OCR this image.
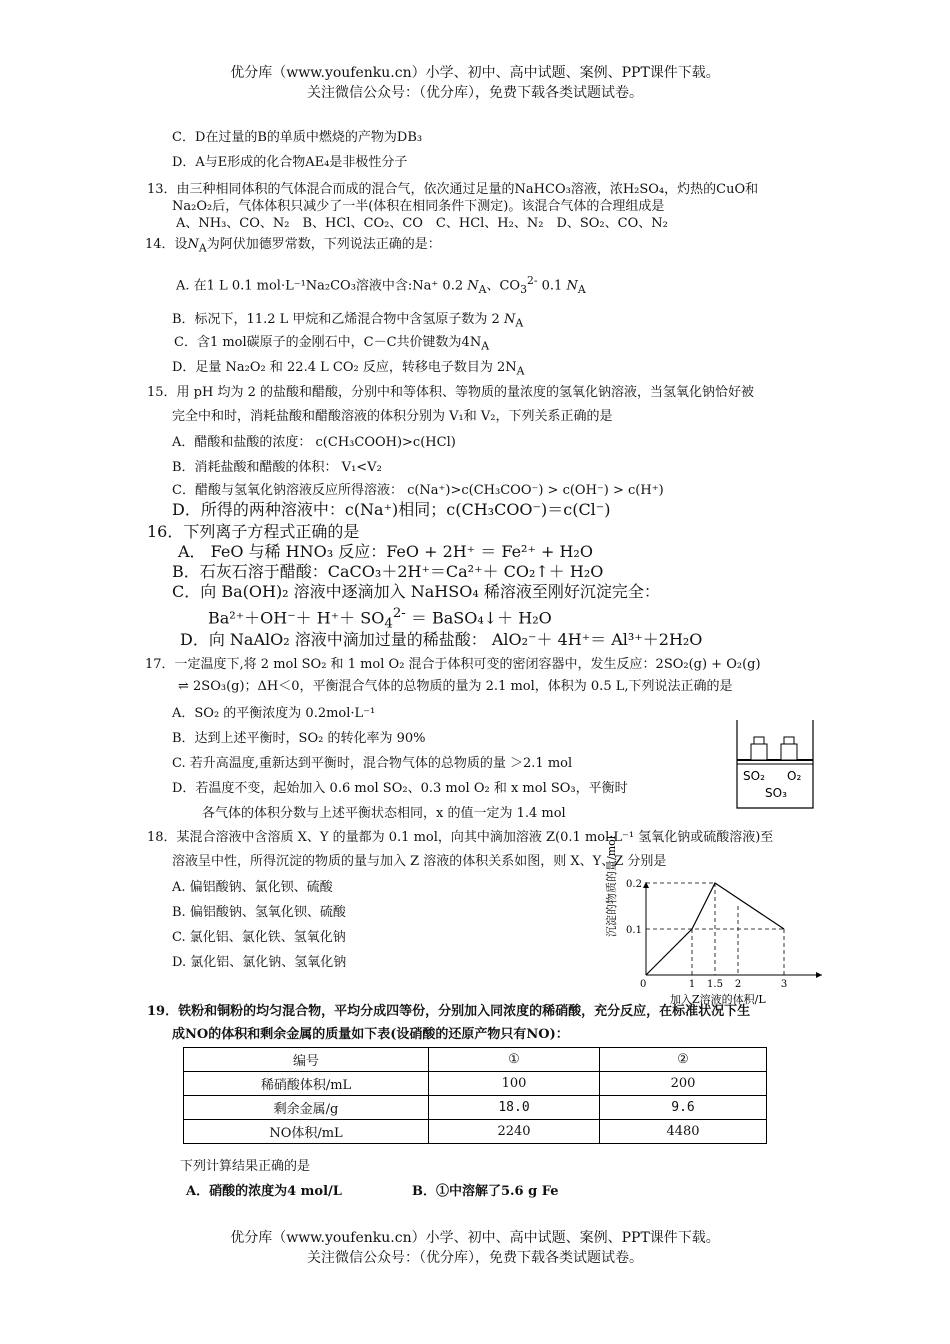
优分库（www.youfenku.cn）小学、初中、高中试题、案例、PPT课件下载。
关注微信公众号：（优分库），免费下载各类试题试卷。
C．D在过量的B的单质中燃烧的产物为DB₃
D．A与E形成的化合物AE₄是非极性分子
13．由三种相同体积的气体混合而成的混合气，依次通过足量的NaHCO₃溶液，浓H₂SO₄，灼热的CuO和
Na₂O₂后，气体体积只减少了一半(体积在相同条件下测定)。该混合气体的合理组成是
A、NH₃、CO、N₂　B、HCl、CO₂、CO　C、HCl、H₂、N₂　D、SO₂、CO、N₂
14．设$N_A$为阿伏加德罗常数，下列说法正确的是：
A. 在1 L 0.1 mol·L⁻¹Na₂CO₃溶液中含:Na⁺ 0.2 $N_A$、$CO_3^{2-}$ 0.1 $N_A$
B．标况下，11.2 L 甲烷和乙烯混合物中含氢原子数为 2 $N_A$
C．含1 mol碳原子的金刚石中，C－C共价键数为$4N_A$
D．足量 Na₂O₂ 和 22.4 L CO₂ 反应，转移电子数目为 $2N_A$
15．用 pH 均为 2 的盐酸和醋酸，分别中和等体积、等物质的量浓度的氢氧化钠溶液，当氢氧化钠恰好被
完全中和时，消耗盐酸和醋酸溶液的体积分别为 V₁和 V₂，下列关系正确的是
A．醋酸和盐酸的浓度： c(CH₃COOH)>c(HCl)
B．消耗盐酸和醋酸的体积： V₁<V₂
C．醋酸与氢氧化钠溶液反应所得溶液： c(Na⁺)>c(CH₃COO⁻) > c(OH⁻) > c(H⁺)
D．所得的两种溶液中：c(Na⁺)相同；c(CH₃COO⁻)＝c(Cl⁻)
16．下列离子方程式正确的是
A． FeO 与稀 HNO₃ 反应：FeO + 2H⁺ ＝ Fe²⁺ + H₂O
B．石灰石溶于醋酸：CaCO₃＋2H⁺＝Ca²⁺＋ CO₂↑＋ H₂O
C．向 Ba(OH)₂ 溶液中逐滴加入 NaHSO₄ 稀溶液至刚好沉淀完全：
$Ba^{2+}+OH^-+ H^++ SO_4^{2-}$ ＝ BaSO₄↓＋ H₂O
D．向 NaAlO₂ 溶液中滴加过量的稀盐酸： AlO₂⁻＋ 4H⁺＝ Al³⁺＋2H₂O
17．一定温度下,将 2 mol SO₂ 和 1 mol O₂ 混合于体积可变的密闭容器中，发生反应：2SO₂(g) + O₂(g)
⇌ 2SO₃(g)；ΔH＜0，平衡混合气体的总物质的量为 2.1 mol，体积为 0.5 L,下列说法正确的是
A．SO₂ 的平衡浓度为 0.2mol·L⁻¹
B．达到上述平衡时，SO₂ 的转化率为 90%
C. 若升高温度,重新达到平衡时，混合物气体的总物质的量 ＞2.1 mol
D．若温度不变，起始加入 0.6 mol SO₂、0.3 mol O₂ 和 x mol SO₃，平衡时
各气体的体积分数与上述平衡状态相同，x 的值一定为 1.4 mol
SO₂ O₂
SO₃
18．某混合溶液中含溶质 X、Y 的量都为 0.1 mol，向其中滴加溶液 Z(0.1 mol·L⁻¹ 氢氧化钠或硫酸溶液)至
溶液呈中性，所得沉淀的物质的量与加入 Z 溶液的体积关系如图，则 X、Y、Z 分别是
A. 偏铝酸钠、氯化钡、硫酸
B. 偏铝酸钠、氢氧化钡、硫酸
C. 氯化铝、氯化铁、氢氧化钠
D. 氯化铝、氯化钠、氢氧化钠
沉淀的物质的量/mol
加入Z溶液的体积/L
0	1 1.5 2	3
0.1
0.2
19．铁粉和铜粉的均匀混合物，平均分成四等份，分别加入同浓度的稀硝酸，充分反应，在标准状况下生
成NO的体积和剩余金属的质量如下表(设硝酸的还原产物只有NO)：
编号	①	②
稀硝酸体积/mL	100	200
剩余金属/g	18.0	9.6
NO体积/mL	2240	4480
下列计算结果正确的是
A．硝酸的浓度为4 mol/L	B．①中溶解了5.6 g Fe
优分库（www.youfenku.cn）小学、初中、高中试题、案例、PPT课件下载。
关注微信公众号：（优分库），免费下载各类试题试卷。
